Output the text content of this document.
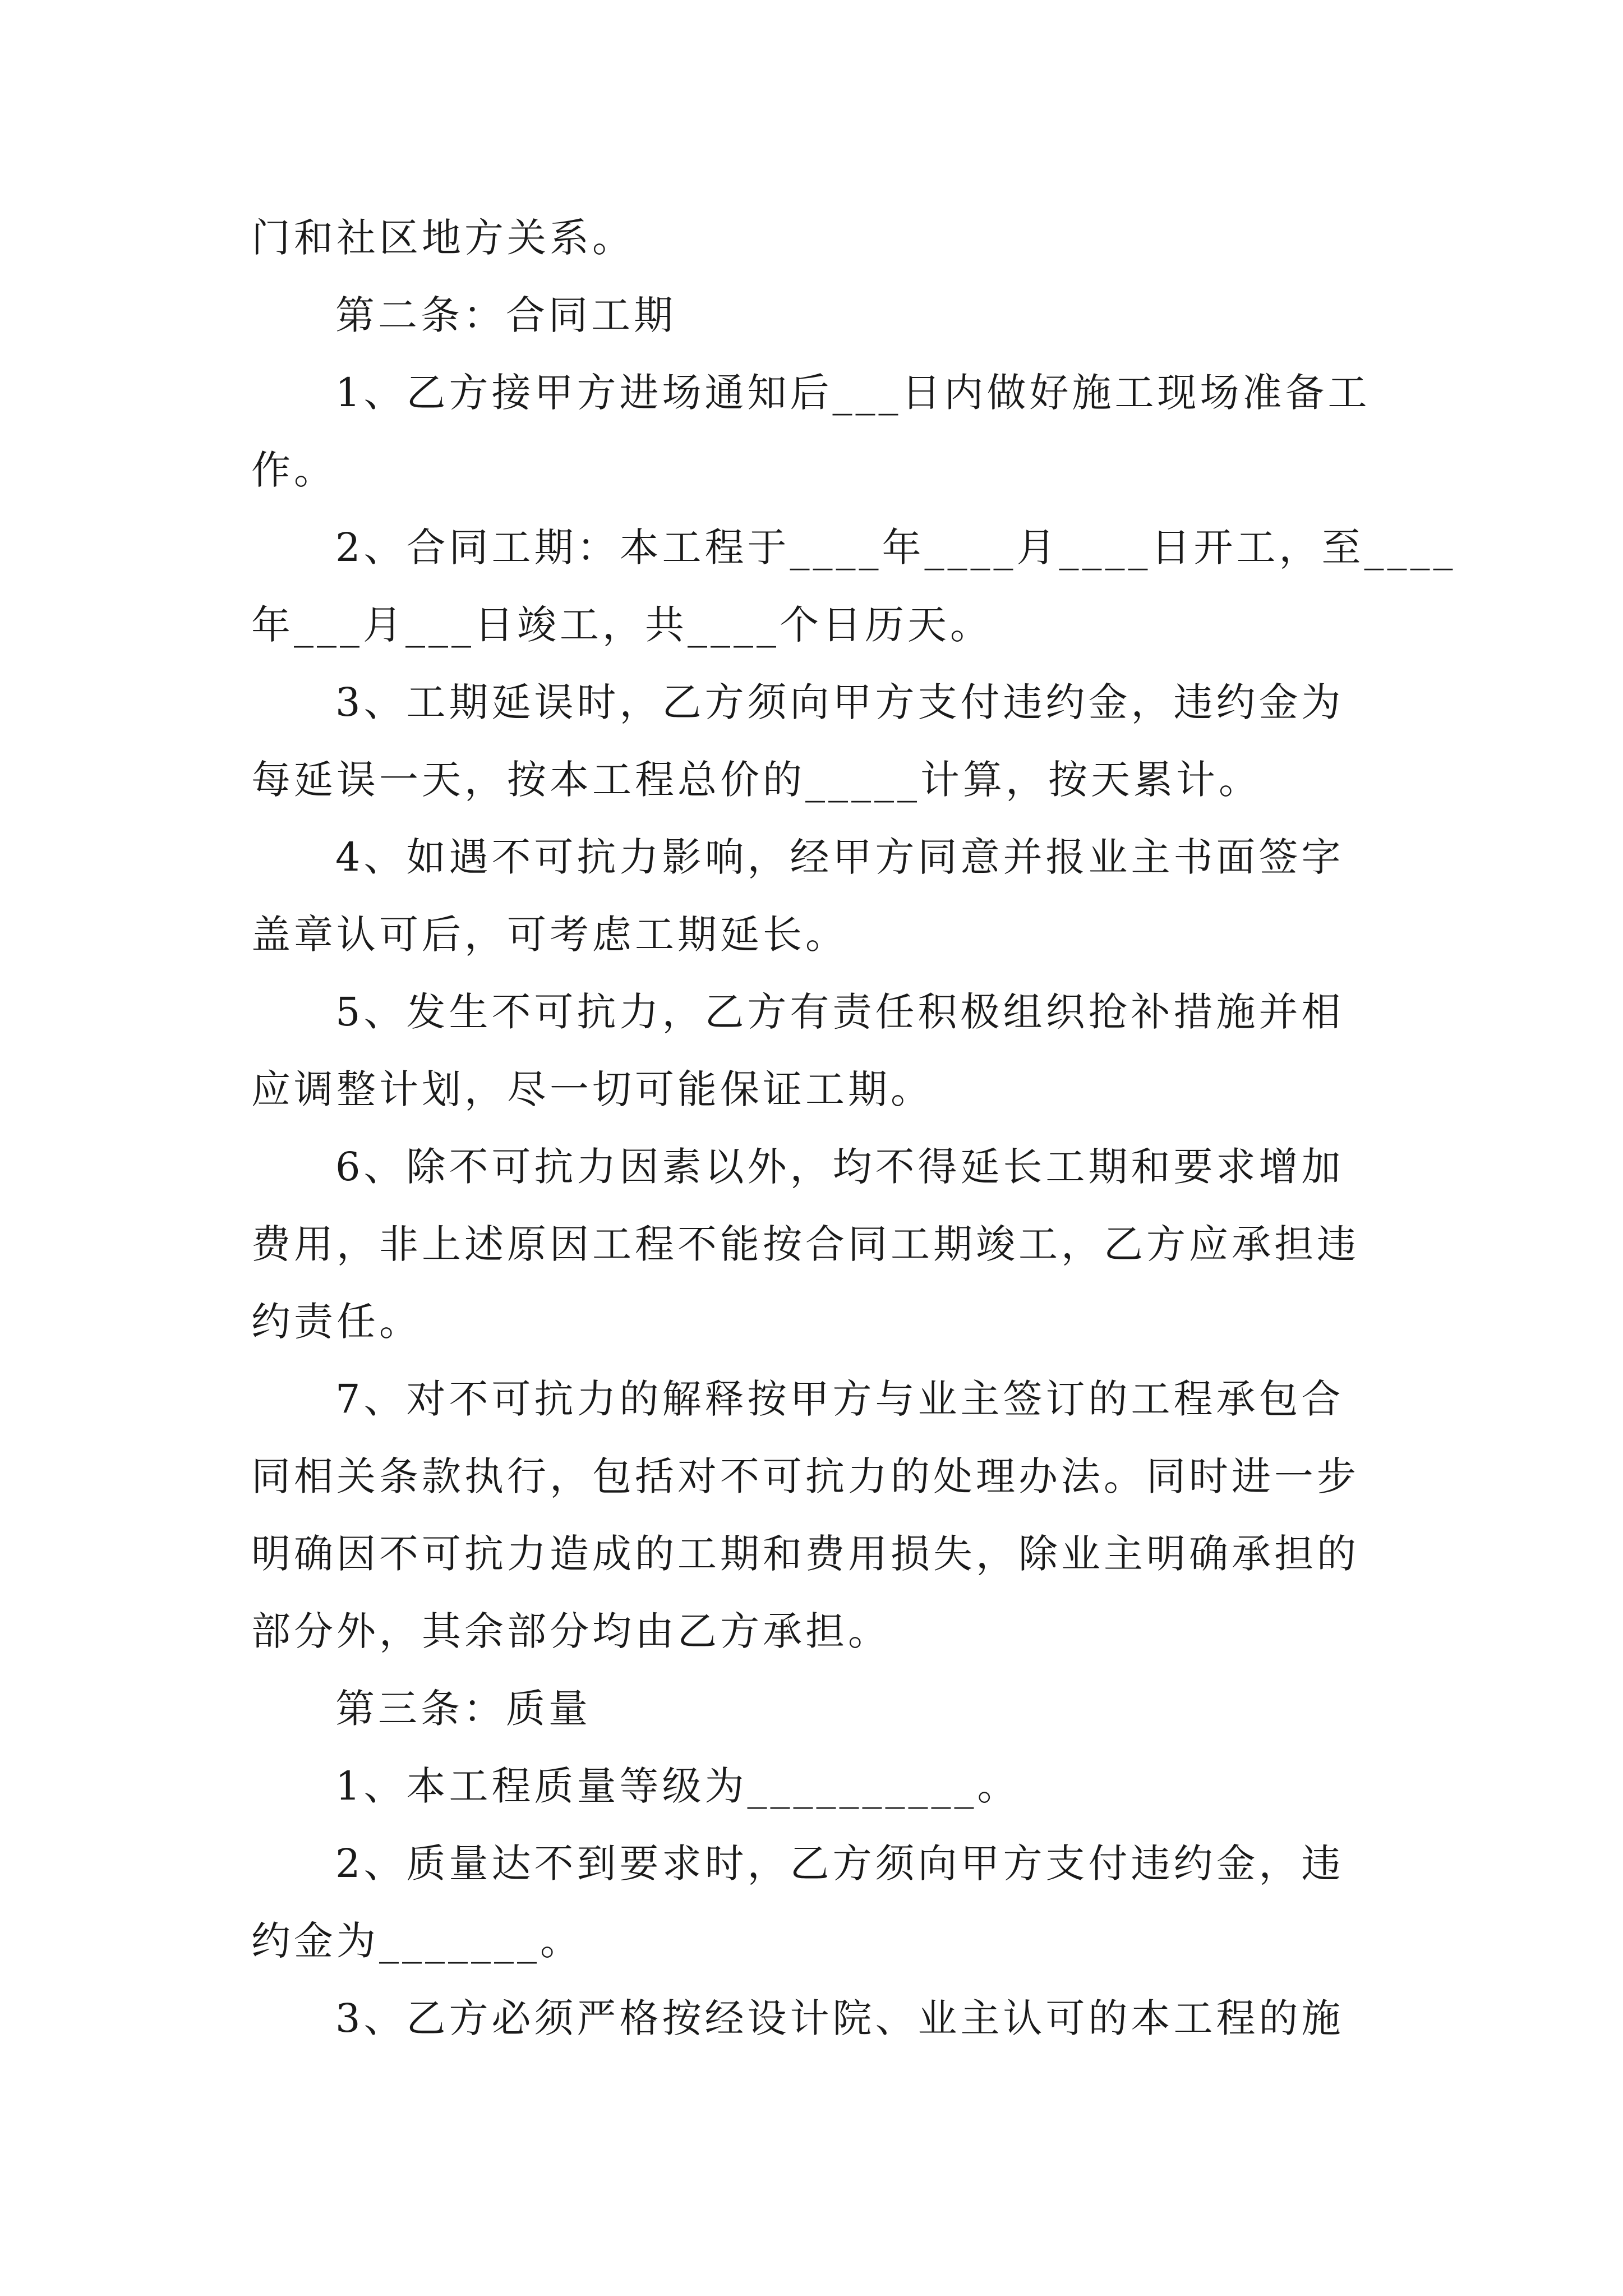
门和社区地方关系。
第二条：合同工期
1、乙方接甲方进场通知后___日内做好施工现场准备工
作。
2、合同工期：本工程于____年____月____日开工，至____
年___月___日竣工，共____个日历天。
3、工期延误时，乙方须向甲方支付违约金，违约金为
每延误一天，按本工程总价的_____计算，按天累计。
4、如遇不可抗力影响，经甲方同意并报业主书面签字
盖章认可后，可考虑工期延长。
5、发生不可抗力，乙方有责任积极组织抢补措施并相
应调整计划，尽一切可能保证工期。
6、除不可抗力因素以外，均不得延长工期和要求增加
费用，非上述原因工程不能按合同工期竣工，乙方应承担违
约责任。
7、对不可抗力的解释按甲方与业主签订的工程承包合
同相关条款执行，包括对不可抗力的处理办法。同时进一步
明确因不可抗力造成的工期和费用损失，除业主明确承担的
部分外，其余部分均由乙方承担。
第三条：质量
1、本工程质量等级为__________。
2、质量达不到要求时，乙方须向甲方支付违约金，违
约金为_______。
3、乙方必须严格按经设计院、业主认可的本工程的施
